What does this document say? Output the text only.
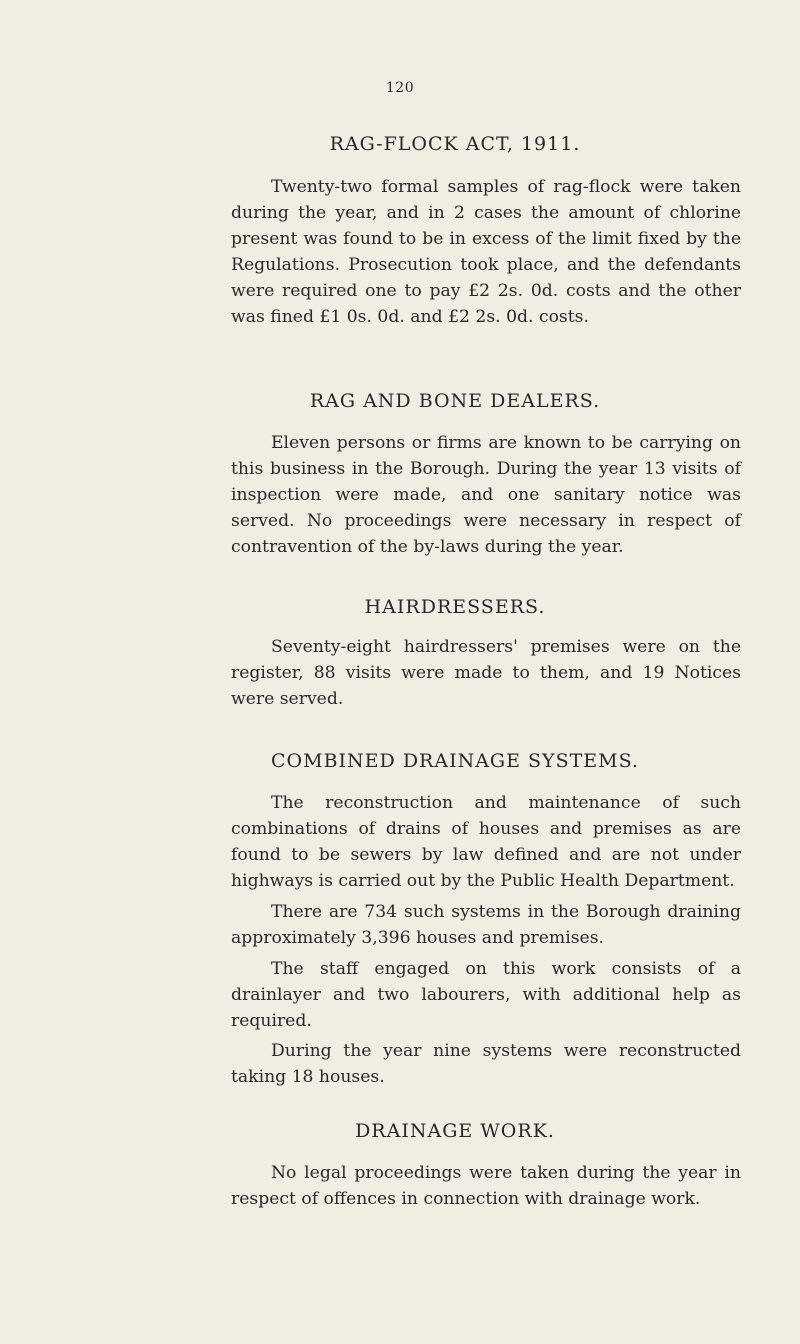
120
RAG-FLOCK ACT, 1911.

Twenty-two formal samples of rag-flock were taken during the year, and in 2 cases the amount of chlorine present was found to be in excess of the limit fixed by the Regulations. Prosecution took place, and the defendants were required one to pay £2 2s. 0d. costs and the other was fined £1 0s. 0d. and £2 2s. 0d. costs.

RAG AND BONE DEALERS.

Eleven persons or firms are known to be carrying on this business in the Borough. During the year 13 visits of inspection were made, and one sanitary notice was served. No proceedings were necessary in respect of contravention of the by-laws during the year.

HAIRDRESSERS.

Seventy-eight hairdressers' premises were on the register, 88 visits were made to them, and 19 Notices were served.

COMBINED DRAINAGE SYSTEMS.

The reconstruction and maintenance of such combinations of drains of houses and premises as are found to be sewers by law defined and are not under highways is carried out by the Public Health Department.

There are 734 such systems in the Borough draining approximately 3,396 houses and premises.

The staff engaged on this work consists of a drainlayer and two labourers, with additional help as required.

During the year nine systems were reconstructed taking 18 houses.

DRAINAGE WORK.

No legal proceedings were taken during the year in respect of offences in connection with drainage work.
